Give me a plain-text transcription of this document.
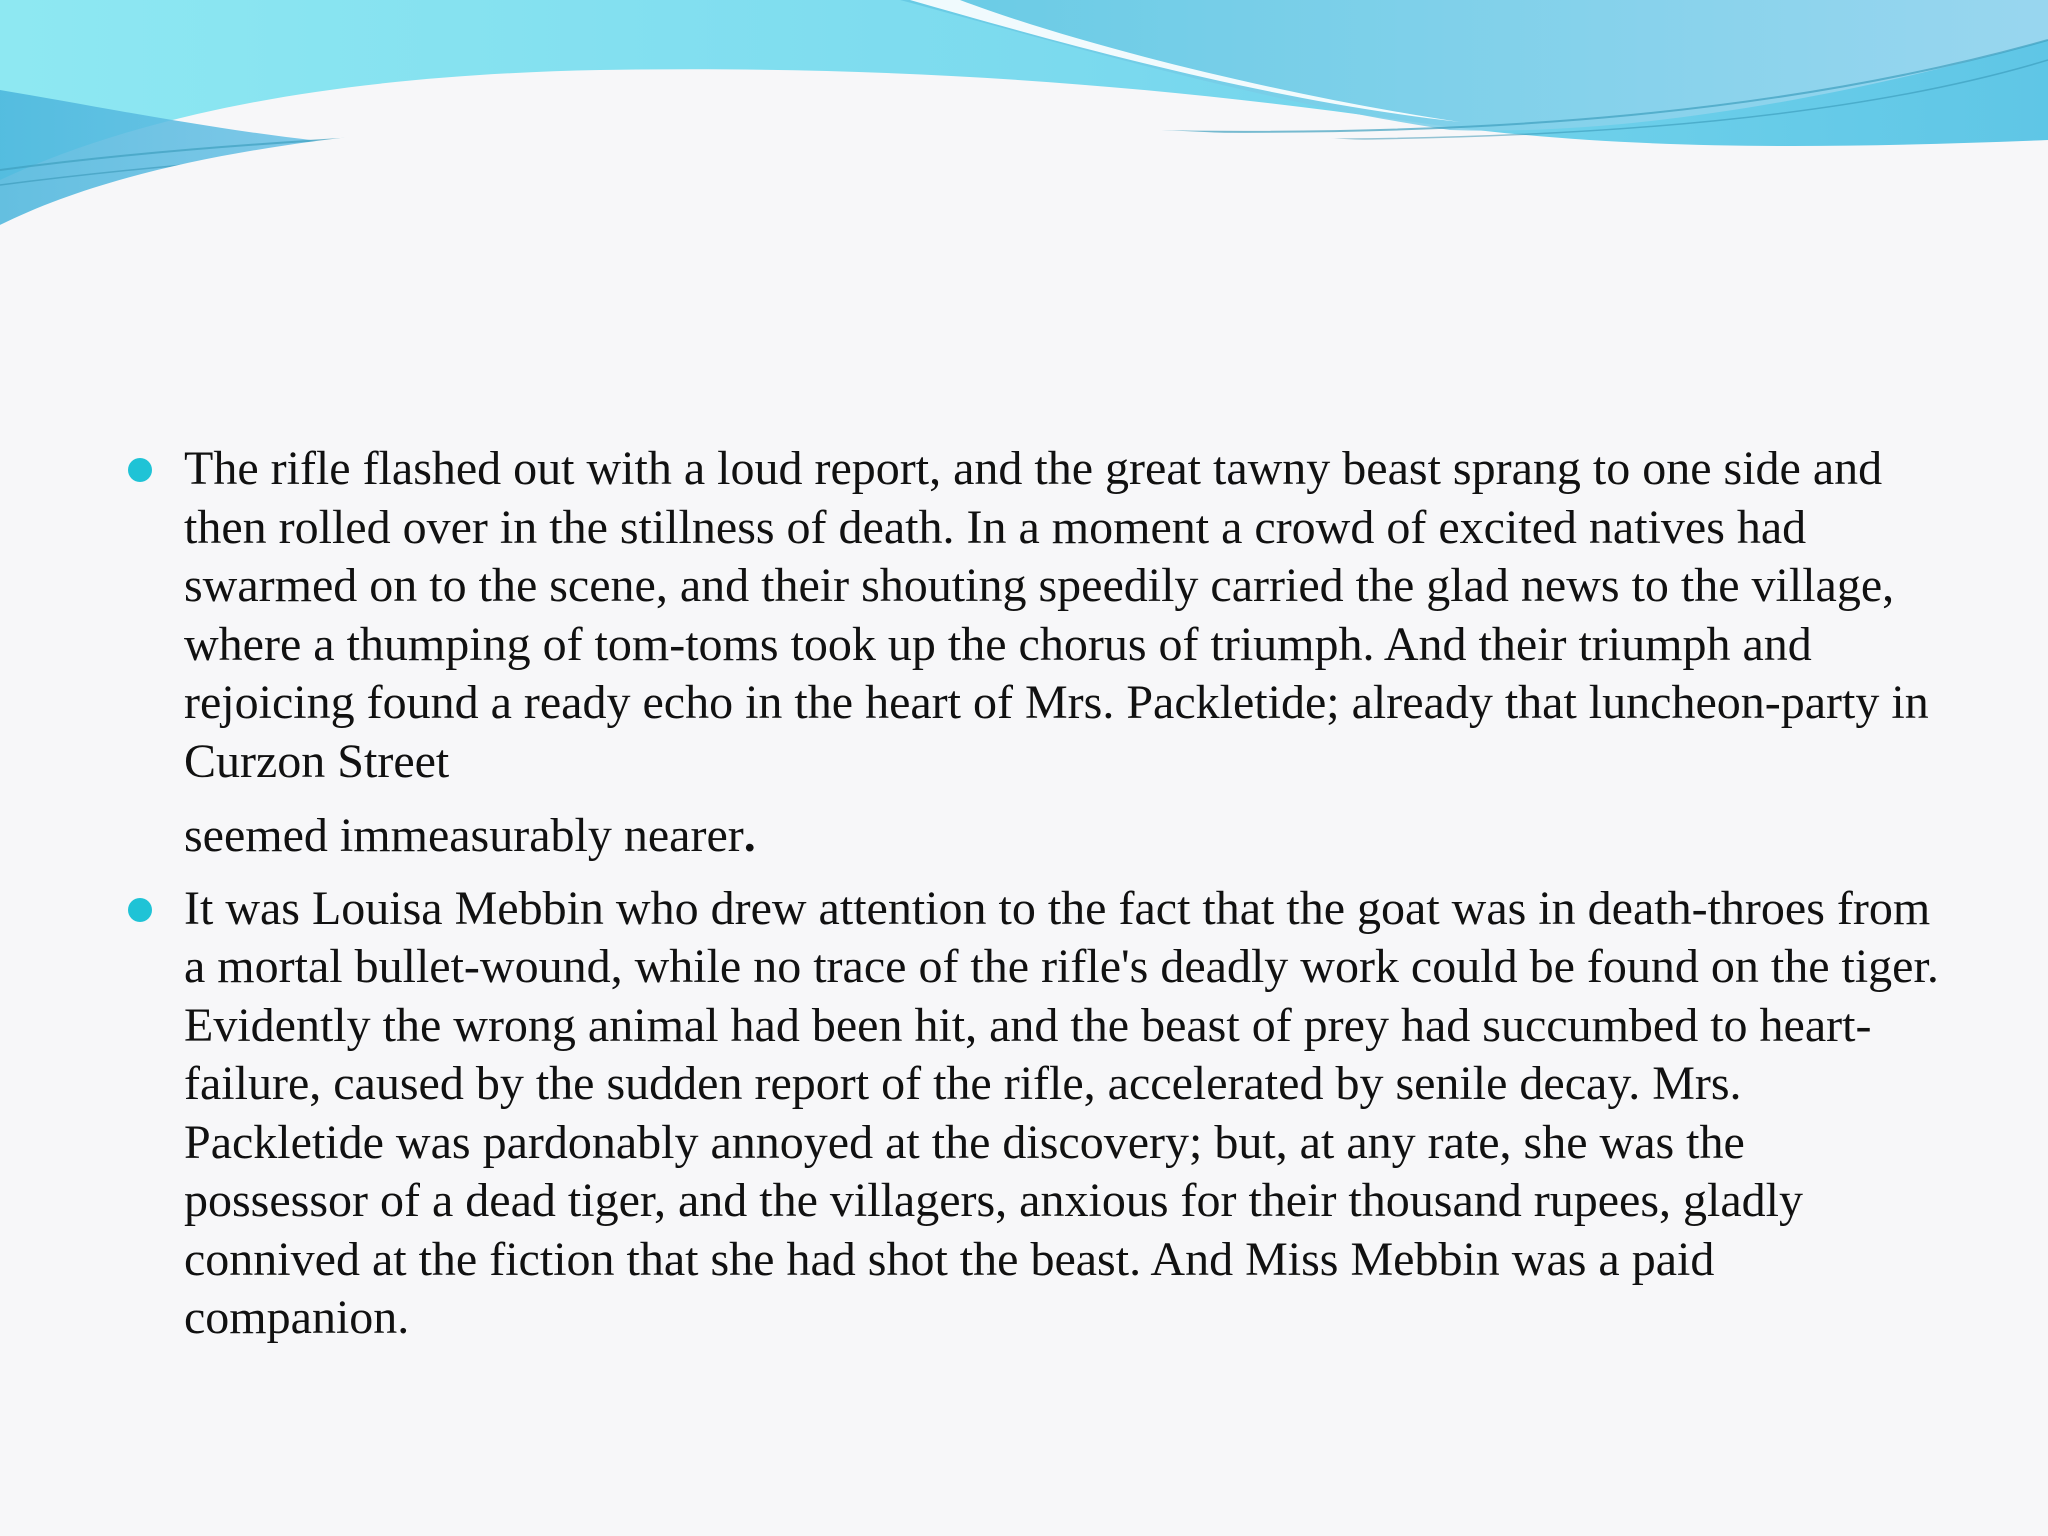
The rifle flashed out with a loud report, and the great tawny beast sprang to one side and then rolled over in the stillness of death. In a moment a crowd of excited natives had swarmed on to the scene, and their shouting speedily carried the glad news to the village, where a thumping of tom-toms took up the chorus of triumph. And their triumph and rejoicing found a ready echo in the heart of Mrs. Packletide; already that luncheon-party in Curzon Street
seemed immeasurably nearer.
It was Louisa Mebbin who drew attention to the fact that the goat was in death-throes from a mortal bullet-wound, while no trace of the rifle's deadly work could be found on the tiger. Evidently the wrong animal had been hit, and the beast of prey had succumbed to heart-failure, caused by the sudden report of the rifle, accelerated by senile decay. Mrs. Packletide was pardonably annoyed at the discovery; but, at any rate, she was the possessor of a dead tiger, and the villagers, anxious for their thousand rupees, gladly connived at the fiction that she had shot the beast. And Miss Mebbin was a paid companion.
